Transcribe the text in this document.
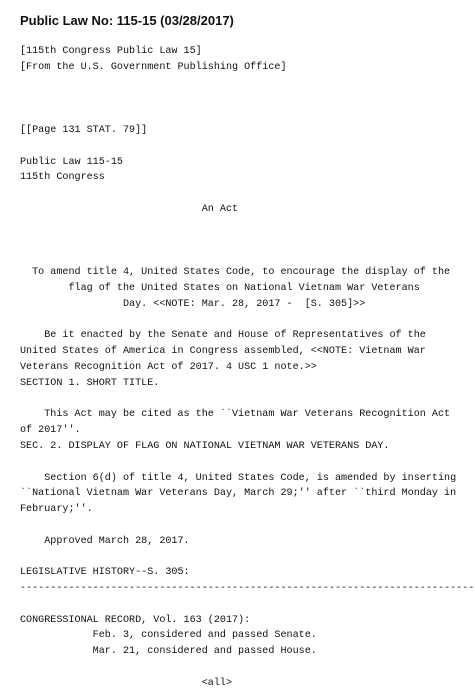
Public Law No: 115-15 (03/28/2017)
[115th Congress Public Law 15]
[From the U.S. Government Publishing Office]
[[Page 131 STAT. 79]]
Public Law 115-15
115th Congress
An Act
To amend title 4, United States Code, to encourage the display of the
flag of the United States on National Vietnam War Veterans
Day. <<NOTE: Mar. 28, 2017 -  [S. 305]>>
Be it enacted by the Senate and House of Representatives of the
United States of America in Congress assembled, <<NOTE: Vietnam War
Veterans Recognition Act of 2017. 4 USC 1 note.>>
SECTION 1. SHORT TITLE.
This Act may be cited as the ``Vietnam War Veterans Recognition Act
of 2017''.
SEC. 2. DISPLAY OF FLAG ON NATIONAL VIETNAM WAR VETERANS DAY.
Section 6(d) of title 4, United States Code, is amended by inserting
``National Vietnam War Veterans Day, March 29;'' after ``third Monday in
February;''.
Approved March 28, 2017.
LEGISLATIVE HISTORY--S. 305:
---------------------------------------------------------------------------
CONGRESSIONAL RECORD, Vol. 163 (2017):
Feb. 3, considered and passed Senate.
Mar. 21, considered and passed House.
<all>
